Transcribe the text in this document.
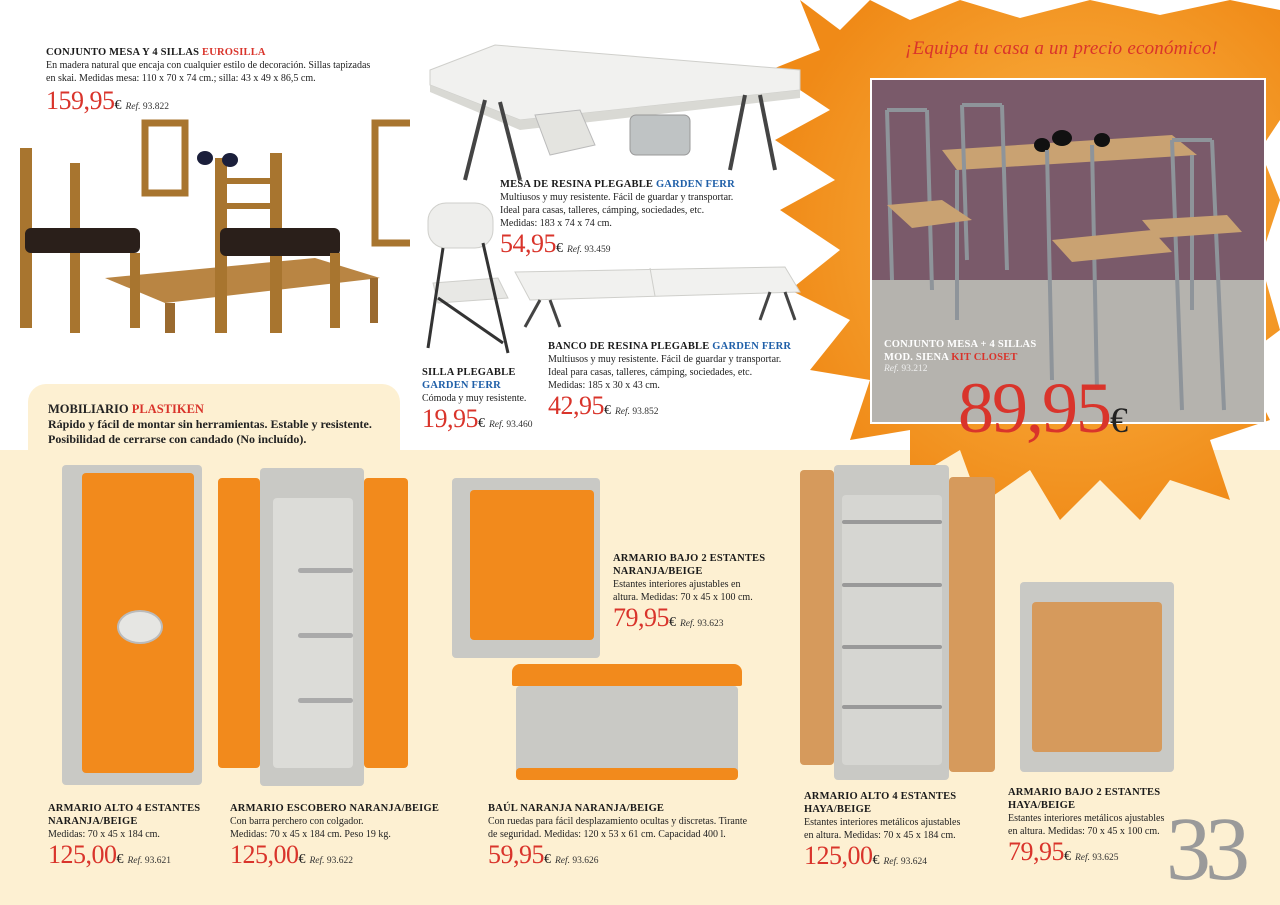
¡Equipa tu casa a un precio económico!
CONJUNTO MESA Y 4 SILLAS EUROSILLA
En madera natural que encaja con cualquier estilo de decoración. Sillas tapizadas
en skai. Medidas mesa: 110 x 70 x 74 cm.; silla: 43 x 49 x 86,5 cm.
159,95€ Ref. 93.822
MESA DE RESINA PLEGABLE GARDEN FERR
Multiusos y muy resistente. Fácil de guardar y transportar.
Ideal para casas, talleres, cámping, sociedades, etc.
Medidas: 183 x 74 x 74 cm.
54,95€ Ref. 93.459
SILLA PLEGABLE
GARDEN FERR
Cómoda y muy resistente.
19,95€ Ref. 93.460
BANCO DE RESINA PLEGABLE GARDEN FERR
Multiusos y muy resistente. Fácil de guardar y transportar.
Ideal para casas, talleres, cámping, sociedades, etc.
Medidas: 185 x 30 x 43 cm.
42,95€ Ref. 93.852
CONJUNTO MESA + 4 SILLAS
MOD. SIENA KIT CLOSET
Ref. 93.212 89,95€
MOBILIARIO PLASTIKEN
Rápido y fácil de montar sin herramientas. Estable y resistente.
Posibilidad de cerrarse con candado (No incluído).
ARMARIO ALTO 4 ESTANTES
NARANJA/BEIGE
Medidas: 70 x 45 x 184 cm.
125,00€ Ref. 93.621
ARMARIO ESCOBERO NARANJA/BEIGE
Con barra perchero con colgador.
Medidas: 70 x 45 x 184 cm. Peso 19 kg.
125,00€ Ref. 93.622
ARMARIO BAJO 2 ESTANTES
NARANJA/BEIGE
Estantes interiores ajustables en
altura. Medidas: 70 x 45 x 100 cm.
79,95€ Ref. 93.623
BAÚL NARANJA NARANJA/BEIGE
Con ruedas para fácil desplazamiento ocultas y discretas. Tirante
de seguridad. Medidas: 120 x 53 x 61 cm. Capacidad 400 l.
59,95€ Ref. 93.626
ARMARIO ALTO 4 ESTANTES
HAYA/BEIGE
Estantes interiores metálicos ajustables
en altura. Medidas: 70 x 45 x 184 cm.
125,00€ Ref. 93.624
ARMARIO BAJO 2 ESTANTES
HAYA/BEIGE
Estantes interiores metálicos ajustables
en altura. Medidas: 70 x 45 x 100 cm.
79,95€ Ref. 93.625 33
